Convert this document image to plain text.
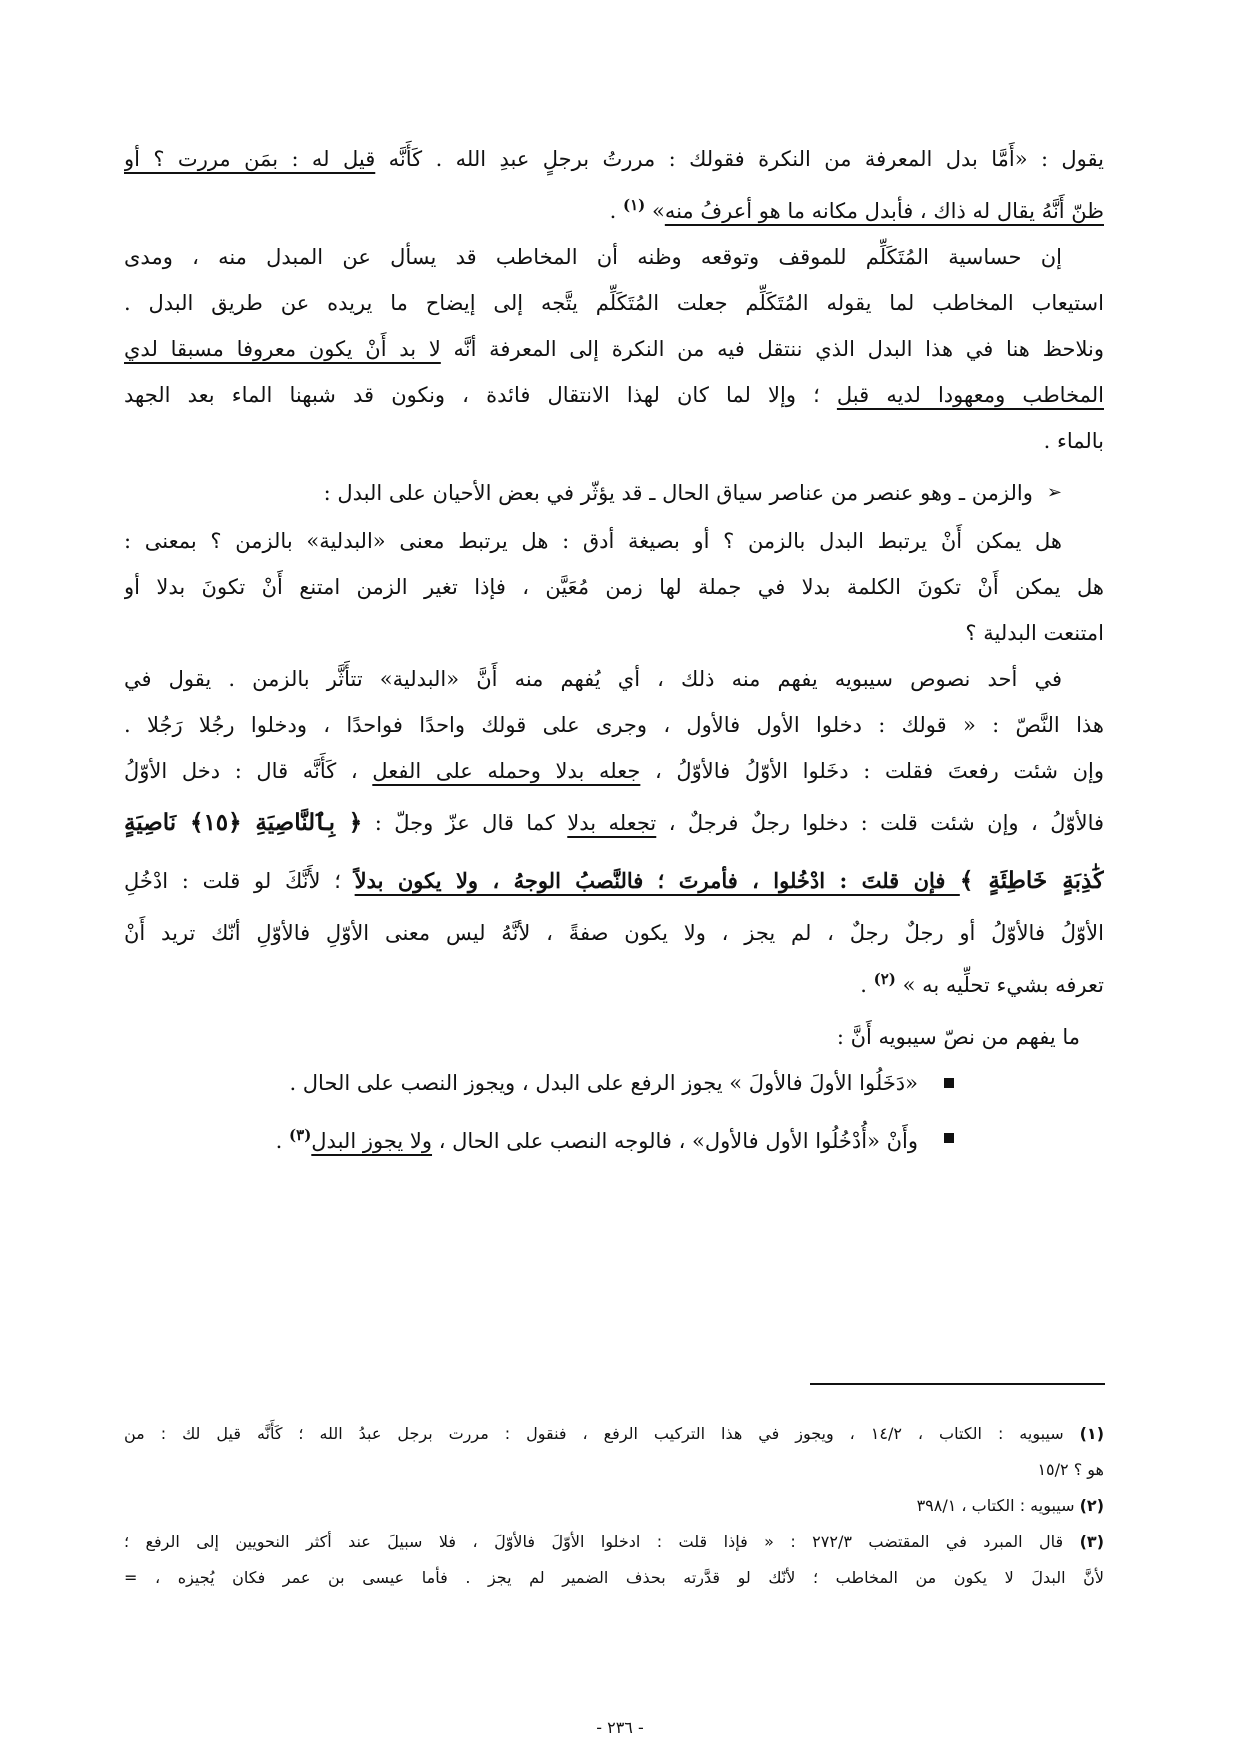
يقول : «أَمَّا بدل المعرفة من النكرة فقولك : مررتُ برجلٍ عبدِ الله . كَأَنَّه قيل له : بمَن مررت ؟ أو
ظنّ أَنَّهُ يقال له ذاك ، فأبدل مكانه ما هو أعرفُ منه» $^{(١)}$ .
إن حساسية المُتَكَلِّم للموقف وتوقعه وظنه أن المخاطب قد يسأل عن المبدل منه ، ومدى
استيعاب المخاطب لما يقوله المُتَكَلِّم جعلت المُتَكَلِّم يتَّجه إلى إيضاح ما يريده عن طريق البدل .
ونلاحظ هنا في هذا البدل الذي ننتقل فيه من النكرة إلى المعرفة أنَّه لا بد أَنْ يكون معروفا مسبقا لدي
المخاطب ومعهودا لديه قبل ؛ وإلا لما كان لهذا الانتقال فائدة ، ونكون قد شبهنا الماء بعد الجهد
بالماء .
➢
والزمن ـ وهو عنصر من عناصر سياق الحال ـ قد يؤثّر في بعض الأحيان على البدل :
هل يمكن أَنْ يرتبط البدل بالزمن ؟ أو بصيغة أدق : هل يرتبط معنى «البدلية» بالزمن ؟ بمعنى :
هل يمكن أَنْ تكونَ الكلمة بدلا في جملة لها زمن مُعَيَّن ، فإذا تغير الزمن امتنع أَنْ تكونَ بدلا أو
امتنعت البدلية ؟
في أحد نصوص سيبويه يفهم منه ذلك ، أي يُفهم منه أَنَّ «البدلية» تتأَثَّر بالزمن . يقول في
هذا النَّصّ : « قولك : دخلوا الأول فالأول ، وجرى على قولك واحدًا فواحدًا ، ودخلوا رجُلا رَجُلا .
وإن شئت رفعتَ فقلت : دخَلوا الأوّلُ فالأوّلُ ، جعله بدلا وحمله على الفعل ، كَأَنَّه قال : دخل الأوّلُ
فالأوّلُ ، وإن شئت قلت : دخلوا رجلٌ فرجلٌ ، تجعله بدلا كما قال عزّ وجلّ : ﴿ بِٱلنَّاصِيَةِ ﴿١٥﴾ نَاصِيَةٍ
كَٰذِبَةٍ خَاطِئَةٍ ﴾ فإن قلتَ : ادْخُلوا ، فأمرتَ ؛ فالنَّصبُ الوجهُ ، ولا يكون بدلاً ؛ لأَنَّكَ لو قلت : ادْخُلِ
الأوّلُ فالأوّلُ أو رجلٌ رجلٌ ، لم يجز ، ولا يكون صفةً ، لأنَّهُ ليس معنى الأوّلِ فالأوّلِ أنّك تريد أَنْ
تعرفه بشيء تحلِّيه به » $^{(٢)}$ .
ما يفهم من نصّ سيبويه أَنَّ :
«دَخَلُوا الأولَ فالأولَ » يجوز الرفع على البدل ، ويجوز النصب على الحال .
وأَنْ «أُدْخُلُوا الأول فالأول» ، فالوجه النصب على الحال ، ولا يجوز البدل$^{(٣)}$ .
(١) سيبويه : الكتاب ، ١٤/٢ ، ويجوز في هذا التركيب الرفع ، فنقول : مررت برجل عبدُ الله ؛ كَأَنَّه قيل لك : من
هو ؟ ١٥/٢
(٢) سيبويه : الكتاب ، ٣٩٨/١
(٣) قال المبرد في المقتضب ٢٧٢/٣ : « فإذا قلت : ادخلوا الأوّلَ فالأوّلَ ، فلا سبيلَ عند أكثر النحويين إلى الرفع ؛
لأنَّ البدلَ لا يكون من المخاطب ؛ لأنّك لو قدَّرته بحذف الضمير لم يجز . فأما عيسى بن عمر فكان يُجيزه ، =
- ٢٣٦ -
